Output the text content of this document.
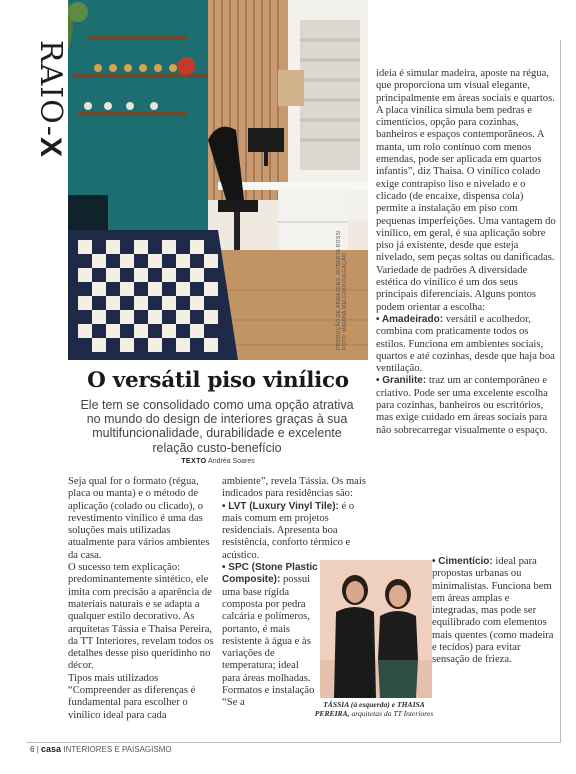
RAIO-X
PRODUÇÃO DE ARMAZÉNS: ROBERTA ROSSI FOTO: MARINA MELLO/DIVULGAÇÃO

ideia é simular madeira, aposte na régua, que proporciona um visual elegante, principalmente em áreas sociais e quartos.

A placa vinílica simula bem pedras e cimentícios, opção para cozinhas, banheiros e espaços contemporâneos. A manta, um rolo contínuo com menos emendas, pode ser aplicada em quartos infantis”, diz Thaisa. O vinílico colado exige contrapiso liso e nivelado e o clicado (de encaixe, dispensa cola) permite a instalação em piso com pequenas imperfeições. Uma vantagem do vinílico, em geral, é sua aplicação sobre piso já existente, desde que esteja nivelado, sem peças soltas ou danificadas.

Variedade de padrões A diversidade estética do vinílico é um dos seus principais diferenciais. Alguns pontos podem orientar a escolha:

• Amadeirado: versátil e acolhedor, combina com praticamente todos os estilos. Funciona em ambientes sociais, quartos e até cozinhas, desde que haja boa ventilação.

• Granilite: traz um ar contemporâneo e criativo. Pode ser uma excelente escolha para cozinhas, banheiros ou escritórios, mas exige cuidado em áreas sociais para não sobrecarregar visualmente o espaço.

O versátil piso vinílico
Ele tem se consolidado como uma opção atrativa no mundo do design de interiores graças à sua multifuncionalidade, durabilidade e excelente relação custo-benefício
TEXTO Andréa Soares

Seja qual for o formato (régua, placa ou manta) e o método de aplicação (colado ou clicado), o revestimento vinílico é uma das soluções mais utilizadas atualmente para vários ambientes da casa.

O sucesso tem explicação: predominantemente sintético, ele imita com precisão a aparência de materiais naturais e se adapta a qualquer estilo decorativo. As arquitetas Tássia e Thaisa Pereira, da TT Interiores, revelam todos os detalhes desse piso queridinho no décor.

Tipos mais utilizados

“Compreender as diferenças é fundamental para escolher o vinílico ideal para cada

ambiente”, revela Tássia. Os mais indicados para residências são:

• LVT (Luxury Vinyl Tile): é o mais comum em projetos residenciais. Apresenta boa resistência, conforto térmico e acústico.

• SPC (Stone Plastic Composite): possui uma base rígida composta por pedra calcária e polímeros, portanto, é mais resistente à água e às variações de temperatura; ideal para áreas molhadas.

Formatos e instalação “Se a	TÁSSIA (à esquerda) e THAISA PEREIRA, arquitetas da TT Interiores

• Cimentício: ideal para propostas urbanas ou minimalistas. Funciona bem em áreas amplas e integradas, mas pode ser equilibrado com elementos mais quentes (como madeira e tecidos) para evitar sensação de frieza.

6 | casa INTERIORES E PAISAGISMO
